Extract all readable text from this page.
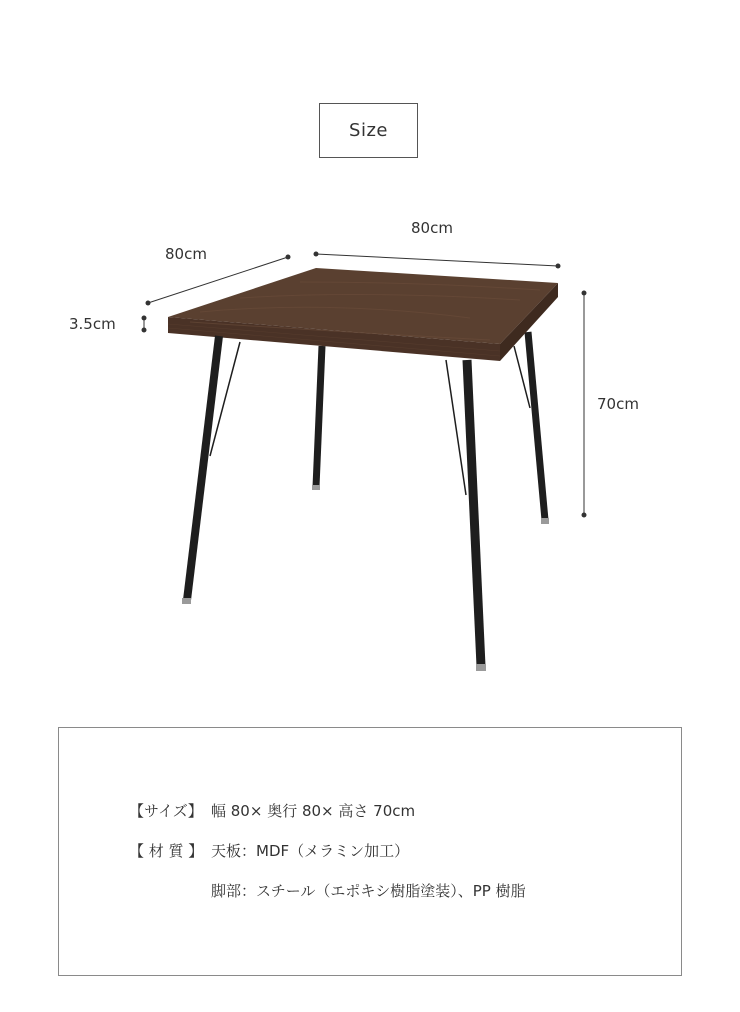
Size
80cm
80cm
3.5cm
70cm
【サイズ】 幅 80× 奥行 80× 高さ 70cm
【 材 質 】 天板：MDF（メラミン加工）
脚部：スチール（エポキシ樹脂塗装）、PP 樹脂
